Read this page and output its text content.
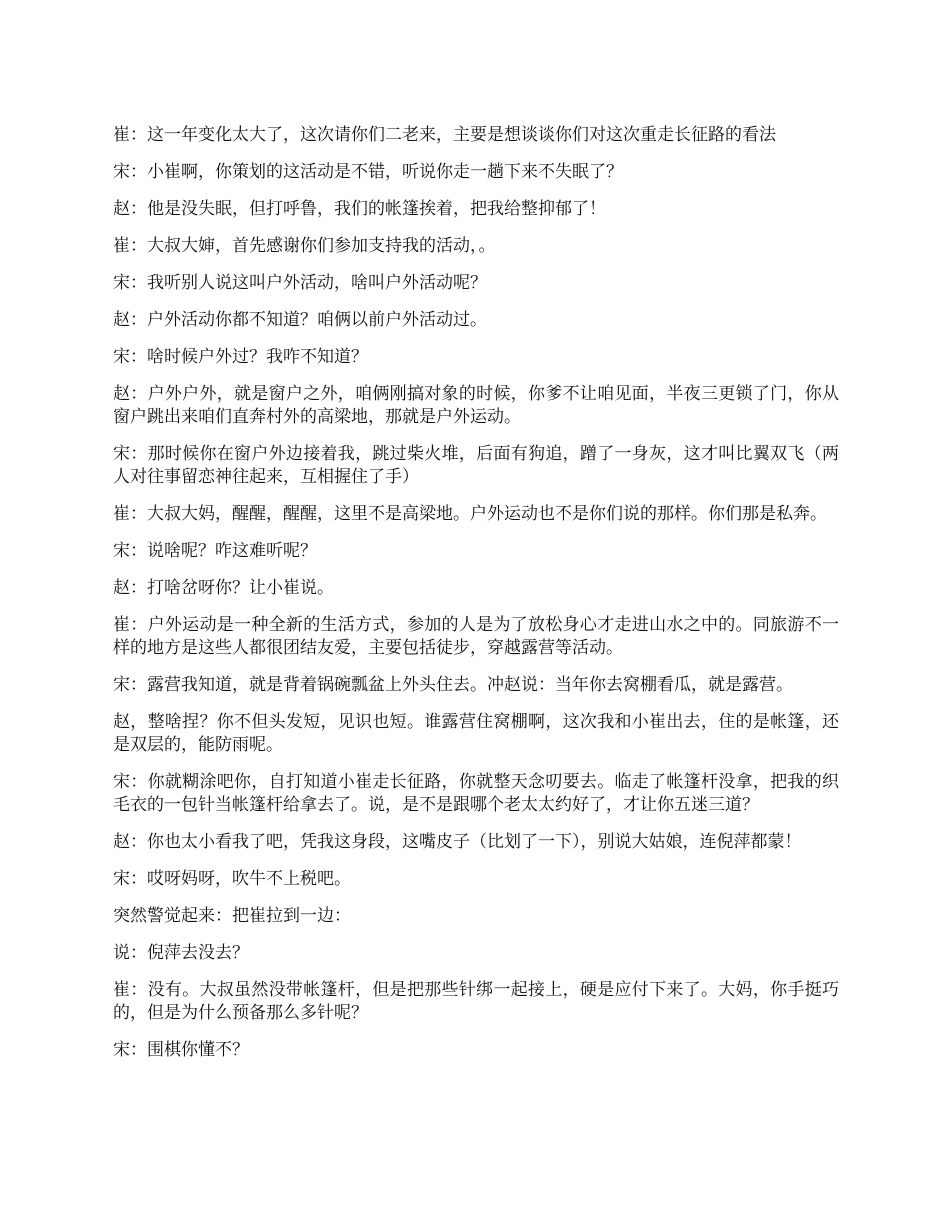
崔：这一年变化太大了，这次请你们二老来，主要是想谈谈你们对这次重走长征路的看法

宋：小崔啊，你策划的这活动是不错，听说你走一趟下来不失眠了？

赵：他是没失眠，但打呼鲁，我们的帐篷挨着，把我给整抑郁了！

崔：大叔大婶，首先感谢你们参加支持我的活动，。

宋：我听别人说这叫户外活动，啥叫户外活动呢？

赵：户外活动你都不知道？咱俩以前户外活动过。

宋：啥时候户外过？我咋不知道？

赵：户外户外，就是窗户之外，咱俩刚搞对象的时候，你爹不让咱见面，半夜三更锁了门，你从窗户跳出来咱们直奔村外的高梁地，那就是户外运动。

宋：那时候你在窗户外边接着我，跳过柴火堆，后面有狗追，蹭了一身灰，这才叫比翼双飞（两人对往事留恋神往起来，互相握住了手）

崔：大叔大妈，醒醒，醒醒，这里不是高梁地。户外运动也不是你们说的那样。你们那是私奔。

宋：说啥呢？咋这难听呢？

赵：打啥岔呀你？让小崔说。

崔：户外运动是一种全新的生活方式，参加的人是为了放松身心才走进山水之中的。同旅游不一样的地方是这些人都很团结友爱，主要包括徒步，穿越露营等活动。

宋：露营我知道，就是背着锅碗瓢盆上外头住去。冲赵说：当年你去窝棚看瓜，就是露营。

赵，整啥捏？你不但头发短，见识也短。谁露营住窝棚啊，这次我和小崔出去，住的是帐篷，还是双层的，能防雨呢。

宋：你就糊涂吧你，自打知道小崔走长征路，你就整天念叨要去。临走了帐篷杆没拿，把我的织毛衣的一包针当帐篷杆给拿去了。说，是不是跟哪个老太太约好了，才让你五迷三道？

赵：你也太小看我了吧，凭我这身段，这嘴皮子（比划了一下），别说大姑娘，连倪萍都蒙！

宋：哎呀妈呀，吹牛不上税吧。

突然警觉起来：把崔拉到一边：

说：倪萍去没去？

崔：没有。大叔虽然没带帐篷杆，但是把那些针绑一起接上，硬是应付下来了。大妈，你手挺巧的，但是为什么预备那么多针呢？

宋：围棋你懂不？
